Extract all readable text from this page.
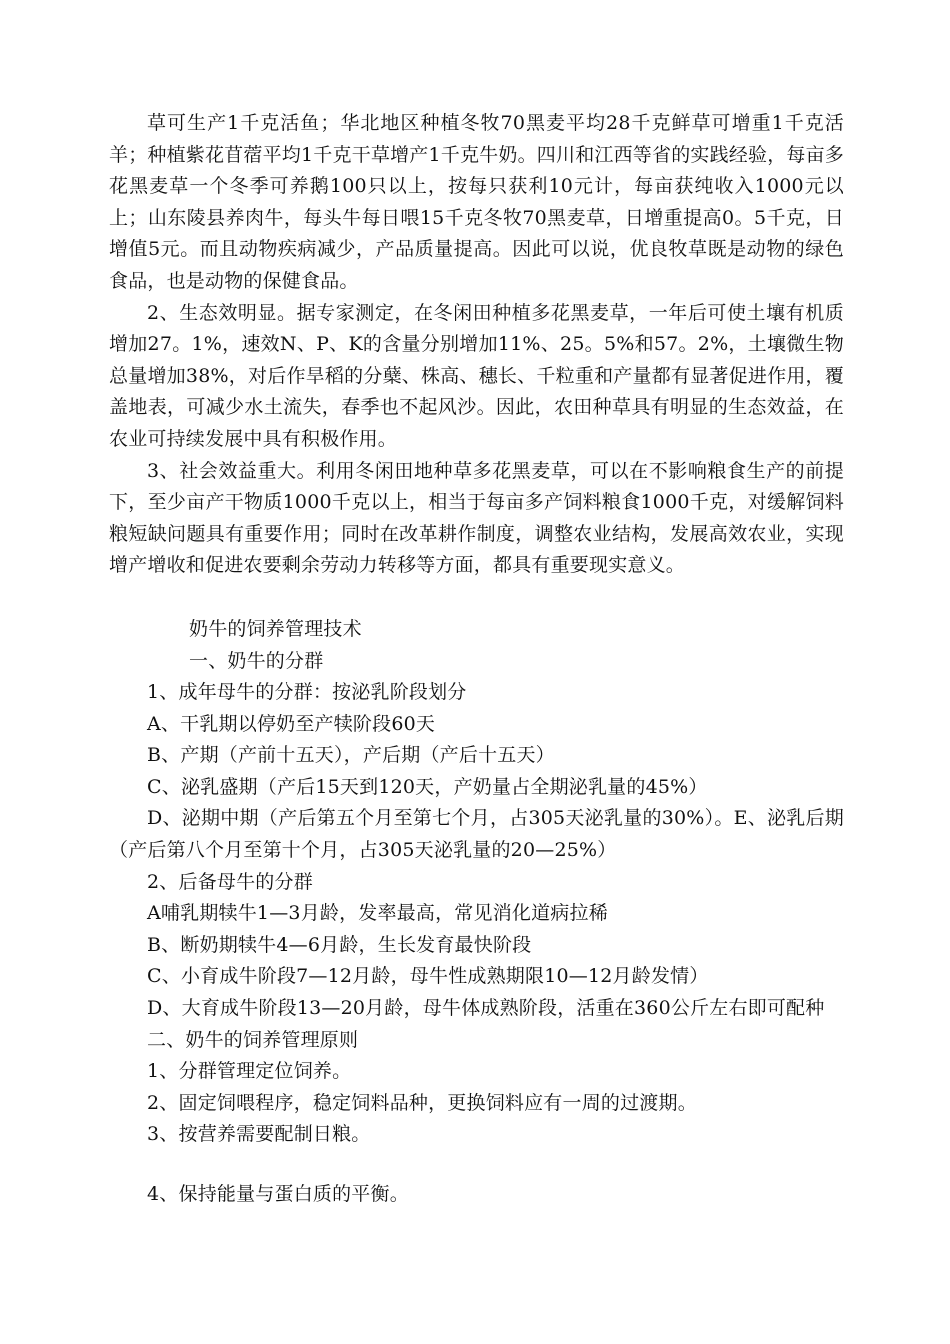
草可生产1千克活鱼；华北地区种植冬牧70黑麦平均28千克鲜草可增重1千克活羊；种植紫花苜蓿平均1千克干草增产1千克牛奶。四川和江西等省的实践经验，每亩多花黑麦草一个冬季可养鹅100只以上，按每只获利10元计，每亩获纯收入1000元以上；山东陵县养肉牛，每头牛每日喂15千克冬牧70黑麦草，日增重提高0。5千克，日增值5元。而且动物疾病减少，产品质量提高。因此可以说，优良牧草既是动物的绿色食品，也是动物的保健食品。

2、生态效明显。据专家测定，在冬闲田种植多花黑麦草，一年后可使土壤有机质增加27。1%，速效N、P、K的含量分别增加11%、25。5%和57。2%，土壤微生物总量增加38%，对后作旱稻的分蘖、株高、穗长、千粒重和产量都有显著促进作用，覆盖地表，可减少水土流失，春季也不起风沙。因此，农田种草具有明显的生态效益，在农业可持续发展中具有积极作用。

3、社会效益重大。利用冬闲田地种草多花黑麦草，可以在不影响粮食生产的前提下，至少亩产干物质1000千克以上，相当于每亩多产饲料粮食1000千克，对缓解饲料粮短缺问题具有重要作用；同时在改革耕作制度，调整农业结构，发展高效农业，实现增产增收和促进农要剩余劳动力转移等方面，都具有重要现实意义。

奶牛的饲养管理技术

一、奶牛的分群

1、成年母牛的分群：按泌乳阶段划分

A、干乳期以停奶至产犊阶段60天

B、产期（产前十五天），产后期（产后十五天）

C、泌乳盛期（产后15天到120天，产奶量占全期泌乳量的45%）

D、泌期中期（产后第五个月至第七个月，占305天泌乳量的30%）。E、泌乳后期（产后第八个月至第十个月，占305天泌乳量的20—25%）

2、后备母牛的分群

A哺乳期犊牛1—3月龄，发率最高，常见消化道病拉稀

B、断奶期犊牛4—6月龄，生长发育最快阶段

C、小育成牛阶段7—12月龄，母牛性成熟期限10—12月龄发情）

D、大育成牛阶段13—20月龄，母牛体成熟阶段，活重在360公斤左右即可配种

二、奶牛的饲养管理原则

1、分群管理定位饲养。

2、固定饲喂程序，稳定饲料品种，更换饲料应有一周的过渡期。

3、按营养需要配制日粮。

4、保持能量与蛋白质的平衡。
